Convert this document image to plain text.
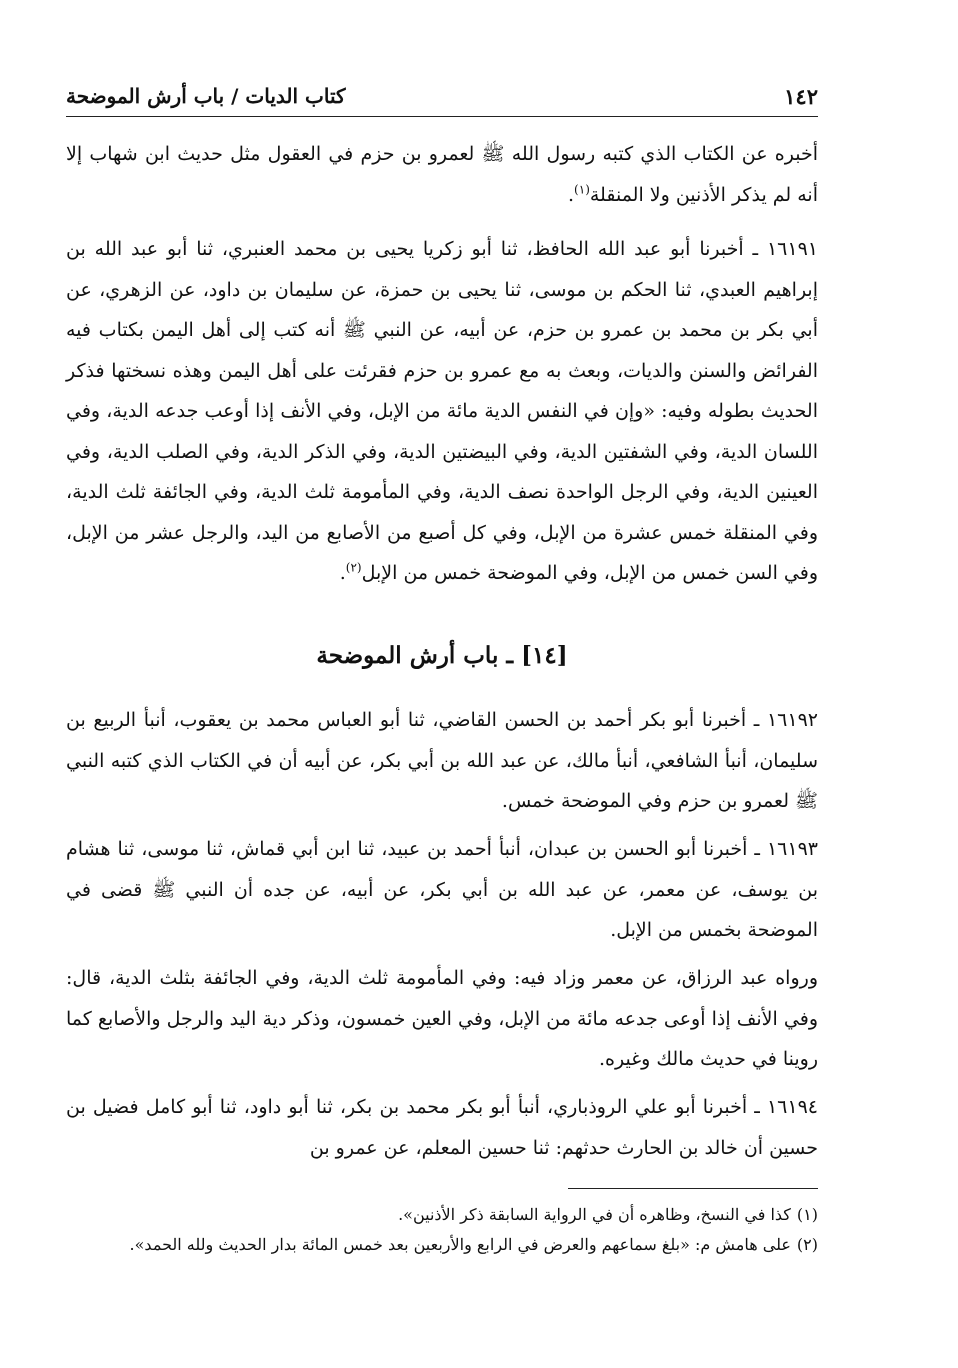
١٤٢
كتاب الديات / باب أرش الموضحة

أخبره عن الكتاب الذي كتبه رسول الله ﷺ لعمرو بن حزم في العقول مثل حديث ابن شهاب إلا أنه لم يذكر الأذنين ولا المنقلة$^{(١)}$.

١٦١٩١ ـ أخبرنا أبو عبد الله الحافظ، ثنا أبو زكريا يحيى بن محمد العنبري، ثنا أبو عبد الله بن إبراهيم العبدي، ثنا الحكم بن موسى، ثنا يحيى بن حمزة، عن سليمان بن داود، عن الزهري، عن أبي بكر بن محمد بن عمرو بن حزم، عن أبيه، عن النبي ﷺ أنه كتب إلى أهل اليمن بكتاب فيه الفرائض والسنن والديات، وبعث به مع عمرو بن حزم فقرئت على أهل اليمن وهذه نسختها فذكر الحديث بطوله وفيه: «وإن في النفس الدية مائة من الإبل، وفي الأنف إذا أوعب جدعه الدية، وفي اللسان الدية، وفي الشفتين الدية، وفي البيضتين الدية، وفي الذكر الدية، وفي الصلب الدية، وفي العينين الدية، وفي الرجل الواحدة نصف الدية، وفي المأمومة ثلث الدية، وفي الجائفة ثلث الدية، وفي المنقلة خمس عشرة من الإبل، وفي كل أصبع من الأصابع من اليد، والرجل عشر من الإبل، وفي السن خمس من الإبل، وفي الموضحة خمس من الإبل$^{(٢)}$.

[١٤] ـ باب أرش الموضحة

١٦١٩٢ ـ أخبرنا أبو بكر أحمد بن الحسن القاضي، ثنا أبو العباس محمد بن يعقوب، أنبأ الربيع بن سليمان، أنبأ الشافعي، أنبأ مالك، عن عبد الله بن أبي بكر، عن أبيه أن في الكتاب الذي كتبه النبي ﷺ لعمرو بن حزم وفي الموضحة خمس.

١٦١٩٣ ـ أخبرنا أبو الحسن بن عبدان، أنبأ أحمد بن عبيد، ثنا ابن أبي قماش، ثنا موسى، ثنا هشام بن يوسف، عن معمر، عن عبد الله بن أبي بكر، عن أبيه، عن جده أن النبي ﷺ قضى في الموضحة بخمس من الإبل.

ورواه عبد الرزاق، عن معمر وزاد فيه: وفي المأمومة ثلث الدية، وفي الجائفة بثلث الدية، قال: وفي الأنف إذا أوعى جدعه مائة من الإبل، وفي العين خمسون، وذكر دية اليد والرجل والأصابع كما روينا في حديث مالك وغيره.

١٦١٩٤ ـ أخبرنا أبو علي الروذباري، أنبأ أبو بكر محمد بن بكر، ثنا أبو داود، ثنا أبو كامل فضيل بن حسين أن خالد بن الحارث حدثهم: ثنا حسين المعلم، عن عمرو بن

(١)كذا في النسخ، وظاهره أن في الرواية السابقة ذكر الأذنين».

(٢)على هامش م: «بلغ سماعهم والعرض في الرابع والأربعين بعد خمس المائة بدار الحديث ولله الحمد».
